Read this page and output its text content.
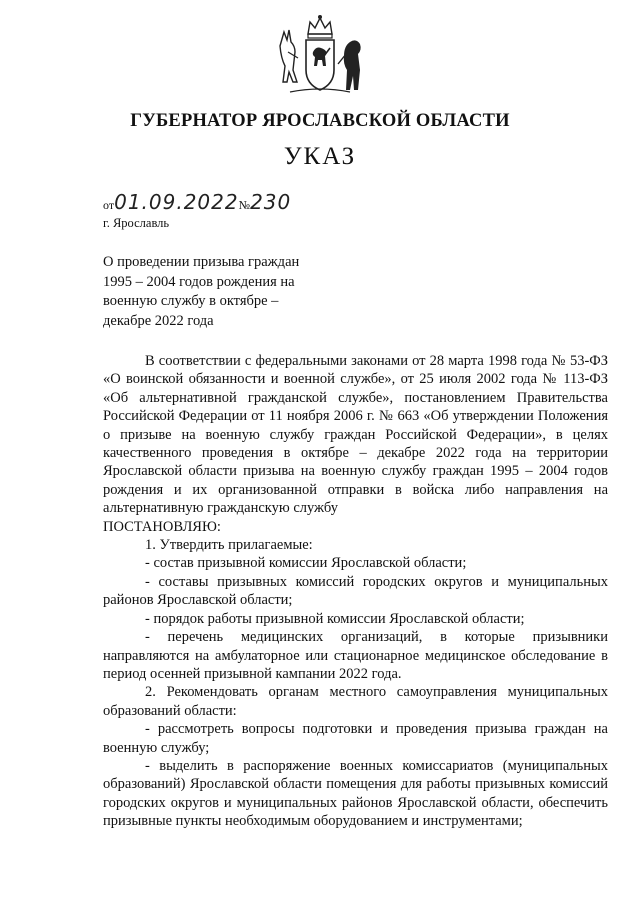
ГУБЕРНАТОР ЯРОСЛАВСКОЙ ОБЛАСТИ
УКАЗ
от01.09.2022№230
г. Ярославль
О проведении призыва граждан 1995 – 2004 годов рождения на военную службу в октябре – декабре 2022 года

В соответствии с федеральными законами от 28 марта 1998 года № 53-ФЗ «О воинской обязанности и военной службе», от 25 июля 2002 года № 113-ФЗ «Об альтернативной гражданской службе», постановлением Правительства Российской Федерации от 11 ноября 2006 г. № 663 «Об утверждении Положения о призыве на военную службу граждан Российской Федерации», в целях качественного проведения в октябре – декабре 2022 года на территории Ярославской области призыва на военную службу граждан 1995 – 2004 годов рождения и их организованной отправки в войска либо направления на альтернативную гражданскую службу

ПОСТАНОВЛЯЮ:

1. Утвердить прилагаемые:

- состав призывной комиссии Ярославской области;

- составы призывных комиссий городских округов и муниципальных районов Ярославской области;

- порядок работы призывной комиссии Ярославской области;

- перечень медицинских организаций, в которые призывники направляются на амбулаторное или стационарное медицинское обследование в период осенней призывной кампании 2022 года.

2. Рекомендовать органам местного самоуправления муниципальных образований области:

- рассмотреть вопросы подготовки и проведения призыва граждан на военную службу;

- выделить в распоряжение военных комиссариатов (муниципальных образований) Ярославской области помещения для работы призывных комиссий городских округов и муниципальных районов Ярославской области, обеспечить призывные пункты необходимым оборудованием и инструментами;
